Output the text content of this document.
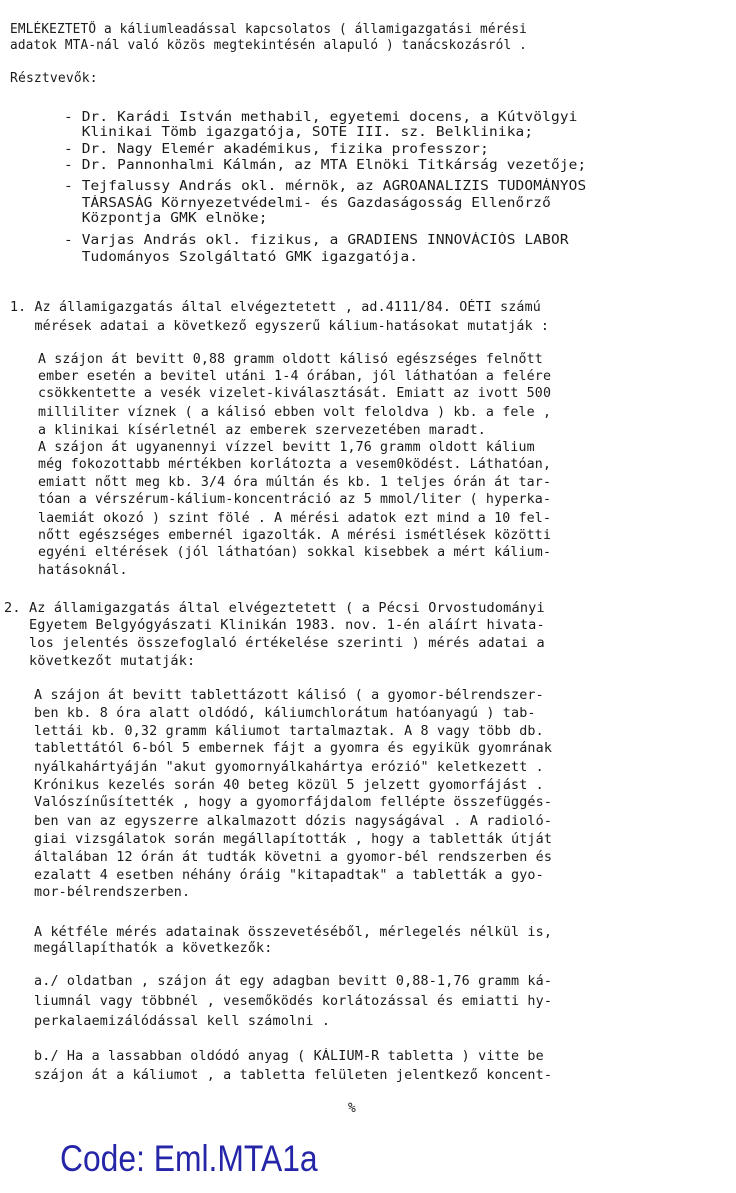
EMLÉKEZTETŐ a káliumleadással kapcsolatos ( államigazgatási mérési
adatok MTA-nál való közös megtekintésén alapuló ) tanácskozásról .
Résztvevők:
- Dr. Karádi István methabil, egyetemi docens, a Kútvölgyi
Klinikai Tömb igazgatója, SOTE III. sz. Belklinika;
- Dr. Nagy Elemér akadémikus, fizika professzor;
- Dr. Pannonhalmi Kálmán, az MTA Elnöki Titkárság vezetője;
- Tejfalussy András okl. mérnök, az AGROANALIZIS TUDOMÁNYOS
TÁRSASÁG Környezetvédelmi- és Gazdaságosság Ellenőrző
Központja GMK elnöke;
- Varjas András okl. fizikus, a GRADIENS INNOVÁCIÓS LABOR
Tudományos Szolgáltató GMK igazgatója.
1. Az államigazgatás által elvégeztetett , ad.4111/84. OÉTI számú
mérések adatai a következő egyszerű kálium-hatásokat mutatják :
A szájon át bevitt 0,88 gramm oldott kálisó egészséges felnőtt
ember esetén a bevitel utáni 1-4 órában, jól láthatóan a felére
csökkentette a vesék vizelet-kiválasztását. Emiatt az ivott 500
milliliter víznek ( a kálisó ebben volt feloldva ) kb. a fele ,
a klinikai kísérletnél az emberek szervezetében maradt.
A szájon át ugyanennyi vízzel bevitt 1,76 gramm oldott kálium
még fokozottabb mértékben korlátozta a vesem0ködést. Láthatóan,
emiatt nőtt meg kb. 3/4 óra múltán és kb. 1 teljes órán át tar-
tóan a vérszérum-kálium-koncentráció az 5 mmol/liter ( hyperka-
laemiát okozó ) szint fölé . A mérési adatok ezt mind a 10 fel-
nőtt egészséges embernél igazolták. A mérési ismétlések közötti
egyéni eltérések (jól láthatóan) sokkal kisebbek a mért kálium-
hatásoknál.
2. Az államigazgatás által elvégeztetett ( a Pécsi Orvostudományi
Egyetem Belgyógyászati Klinikán 1983. nov. 1-én aláírt hivata-
los jelentés összefoglaló értékelése szerinti ) mérés adatai a
következőt mutatják:
A szájon át bevitt tablettázott kálisó ( a gyomor-bélrendszer-
ben kb. 8 óra alatt oldódó, káliumchlorátum hatóanyagú ) tab-
lettái kb. 0,32 gramm káliumot tartalmaztak. A 8 vagy több db.
tablettától 6-ból 5 embernek fájt a gyomra és egyikük gyomrának
nyálkahártyáján "akut gyomornyálkahártya erózió" keletkezett .
Krónikus kezelés során 40 beteg közül 5 jelzett gyomorfájást .
Valószínűsítették , hogy a gyomorfájdalom fellépte összefüggés-
ben van az egyszerre alkalmazott dózis nagyságával . A radioló-
giai vizsgálatok során megállapították , hogy a tabletták útját
általában 12 órán át tudták követni a gyomor-bél rendszerben és
ezalatt 4 esetben néhány óráig "kitapadtak" a tabletták a gyo-
mor-bélrendszerben.
A kétféle mérés adatainak összevetéséből, mérlegelés nélkül is,
megállapíthatók a következők:
a./ oldatban , szájon át egy adagban bevitt 0,88-1,76 gramm ká-
liumnál vagy többnél , vesemőködés korlátozással és emiatti hy-
perkalaemizálódással kell számolni .
b./ Ha a lassabban oldódó anyag ( KÁLIUM-R tabletta ) vitte be
szájon át a káliumot , a tabletta felületen jelentkező koncent-
%
Code: Eml.MTA1a
